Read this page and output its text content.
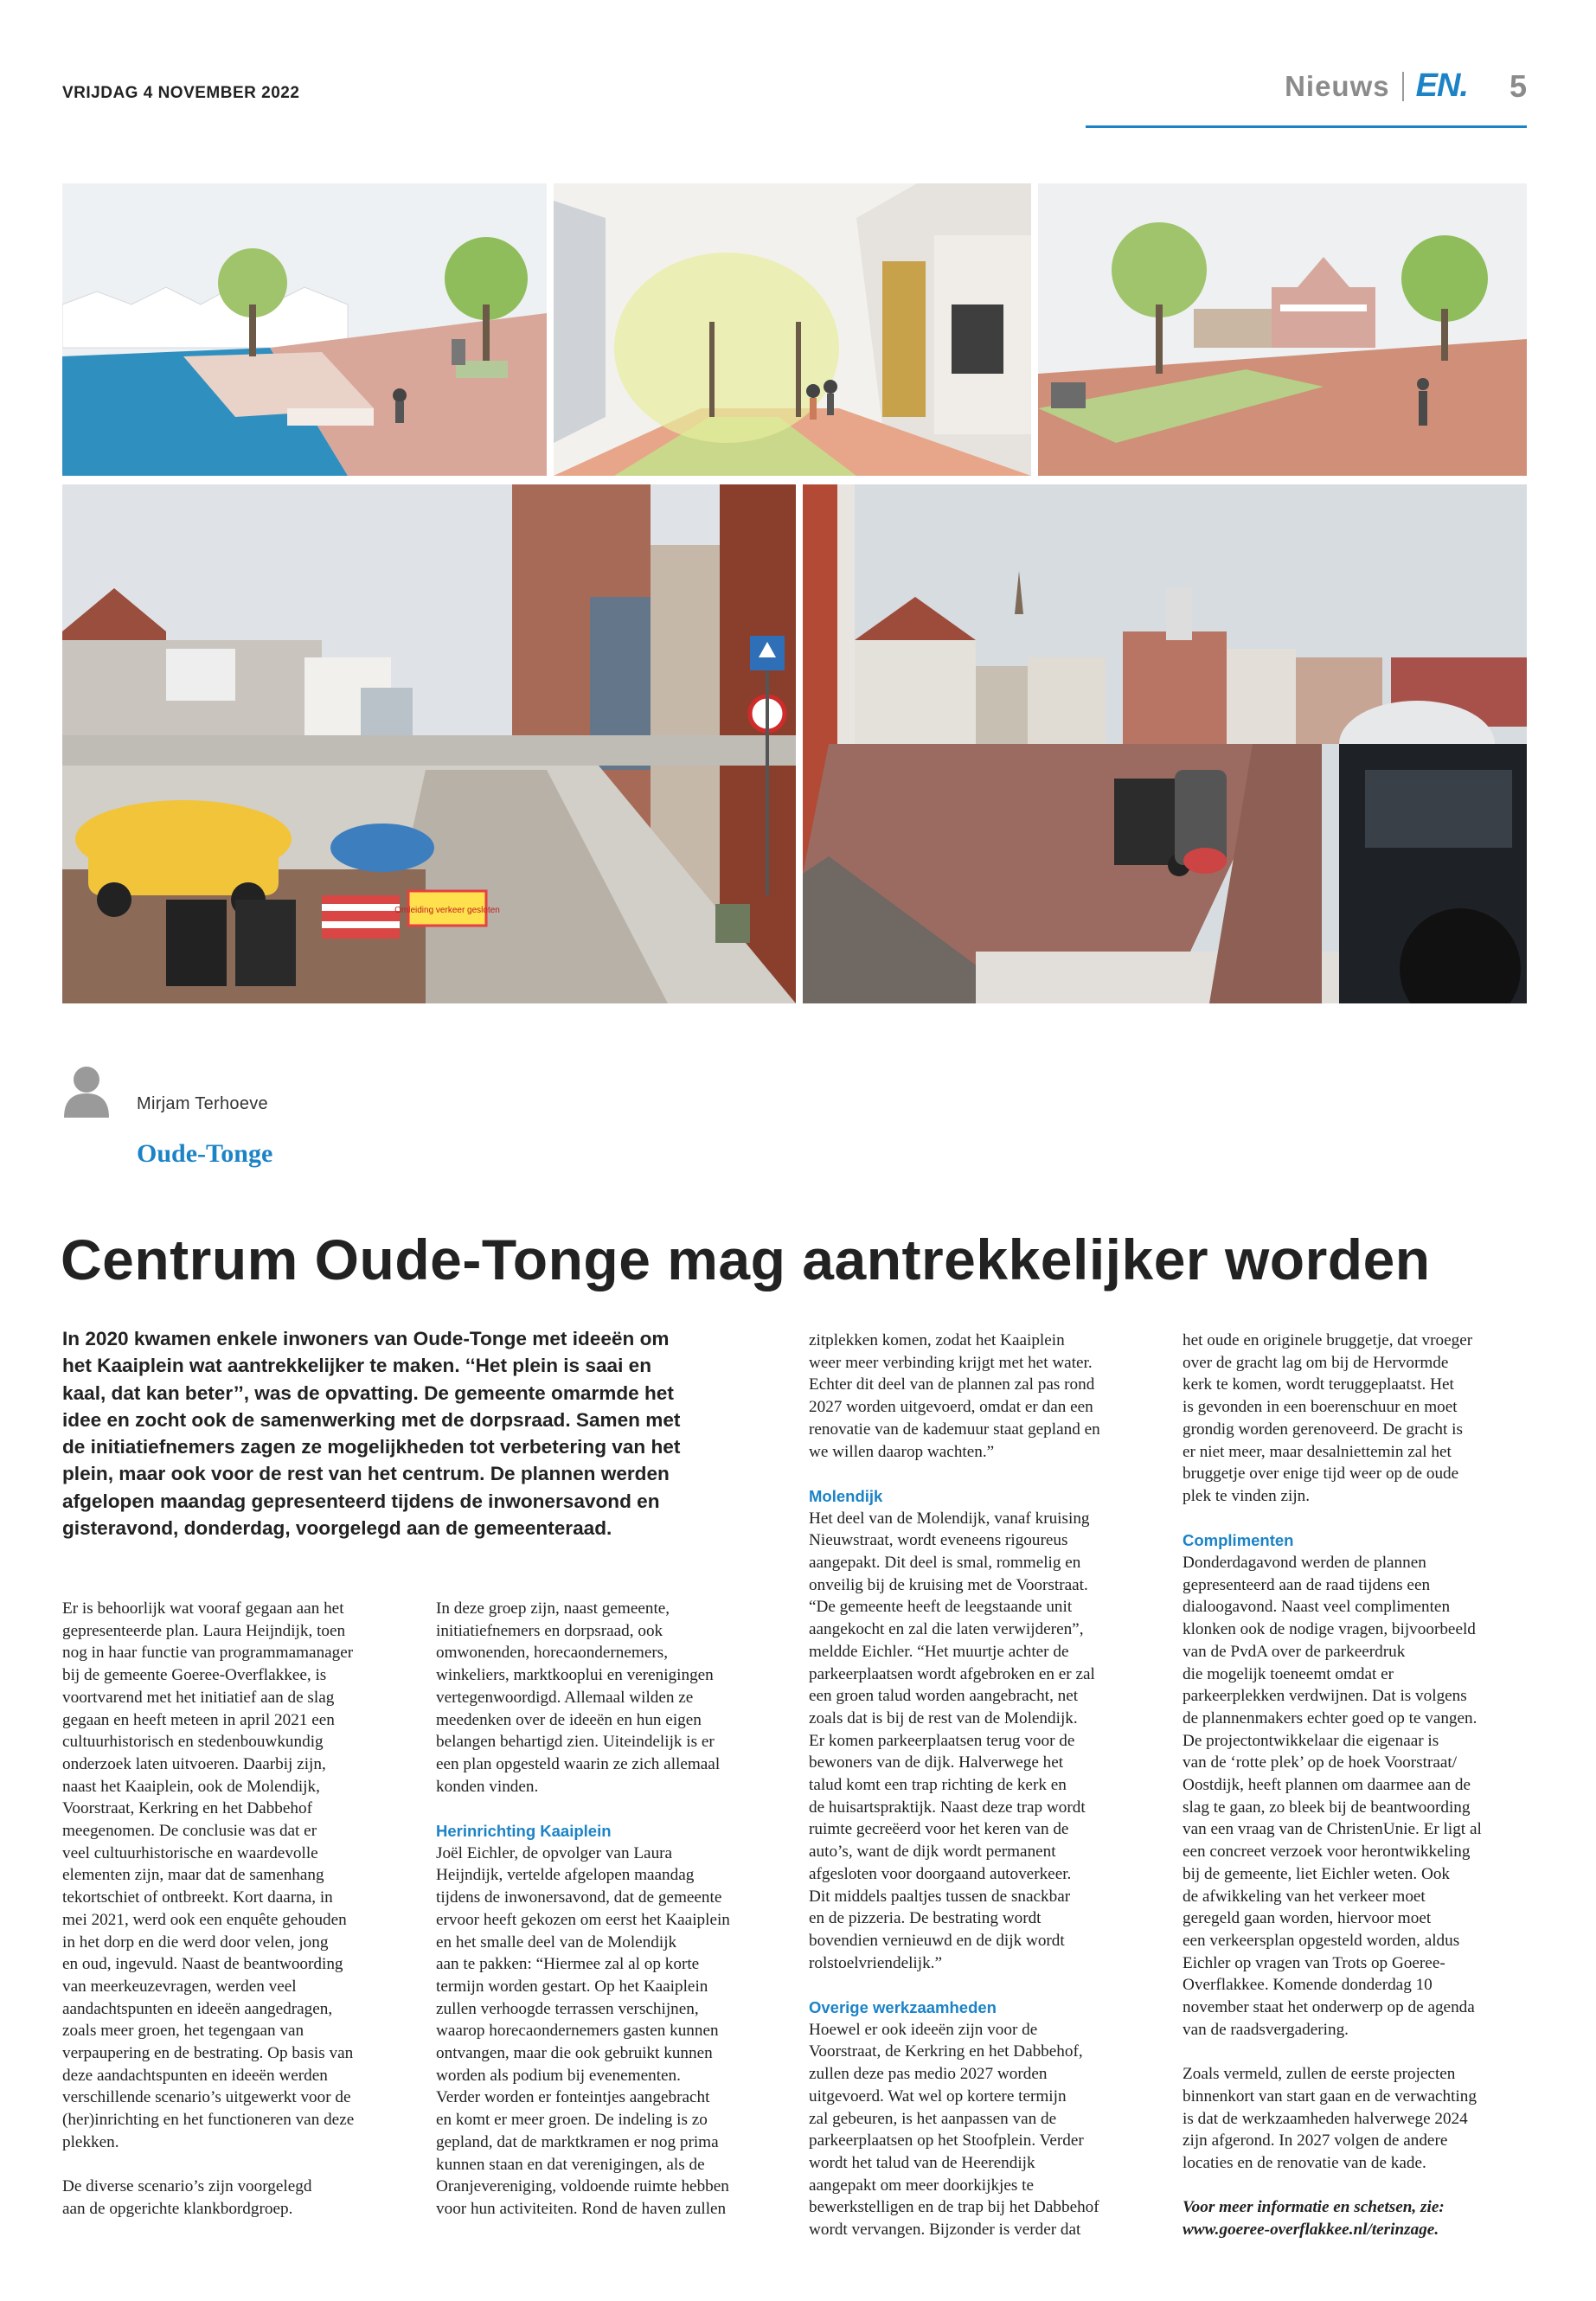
VRIJDAG 4 NOVEMBER 2022	Nieuws EN. 5
Omleiding verkeer gesloten
Mirjam Terhoeve
Oude-Tonge
Centrum Oude-Tonge mag aantrekkelijker worden
In 2020 kwamen enkele inwoners van Oude-Tonge met ideeën om
het Kaaiplein wat aantrekkelijker te maken. ‘‘Het plein is saai en
kaal, dat kan beter’’, was de opvatting. De gemeente omarmde het
idee en zocht ook de samenwerking met de dorpsraad. Samen met
de initiatiefnemers zagen ze mogelijkheden tot verbetering van het
plein, maar ook voor de rest van het centrum. De plannen werden
afgelopen maandag gepresenteerd tijdens de inwonersavond en
gisteravond, donderdag, voorgelegd aan de gemeenteraad.
Er is behoorlijk wat vooraf gegaan aan het
gepresenteerde plan. Laura Heijndijk, toen
nog in haar functie van programmamanager
bij de gemeente Goeree-Overflakkee, is
voortvarend met het initiatief aan de slag
gegaan en heeft meteen in april 2021 een
cultuurhistorisch en stedenbouwkundig
onderzoek laten uitvoeren. Daarbij zijn,
naast het Kaaiplein, ook de Molendijk,
Voorstraat, Kerkring en het Dabbehof
meegenomen. De conclusie was dat er
veel cultuurhistorische en waardevolle
elementen zijn, maar dat de samenhang
tekortschiet of ontbreekt. Kort daarna, in
mei 2021, werd ook een enquête gehouden
in het dorp en die werd door velen, jong
en oud, ingevuld. Naast de beantwoording
van meerkeuzevragen, werden veel
aandachtspunten en ideeën aangedragen,
zoals meer groen, het tegengaan van
verpaupering en de bestrating. Op basis van
deze aandachtspunten en ideeën werden
verschillende scenario’s uitgewerkt voor de
(her)inrichting en het functioneren van deze
plekken.
De diverse scenario’s zijn voorgelegd
aan de opgerichte klankbordgroep.
In deze groep zijn, naast gemeente,
initiatiefnemers en dorpsraad, ook
omwonenden, horecaondernemers,
winkeliers, marktkooplui en verenigingen
vertegenwoordigd. Allemaal wilden ze
meedenken over de ideeën en hun eigen
belangen behartigd zien. Uiteindelijk is er
een plan opgesteld waarin ze zich allemaal
konden vinden.
Herinrichting Kaaiplein
Joël Eichler, de opvolger van Laura
Heijndijk, vertelde afgelopen maandag
tijdens de inwonersavond, dat de gemeente
ervoor heeft gekozen om eerst het Kaaiplein
en het smalle deel van de Molendijk
aan te pakken: “Hiermee zal al op korte
termijn worden gestart. Op het Kaaiplein
zullen verhoogde terrassen verschijnen,
waarop horecaondernemers gasten kunnen
ontvangen, maar die ook gebruikt kunnen
worden als podium bij evenementen.
Verder worden er fonteintjes aangebracht
en komt er meer groen. De indeling is zo
gepland, dat de marktkramen er nog prima
kunnen staan en dat verenigingen, als de
Oranjevereniging, voldoende ruimte hebben
voor hun activiteiten. Rond de haven zullen
zitplekken komen, zodat het Kaaiplein
weer meer verbinding krijgt met het water.
Echter dit deel van de plannen zal pas rond
2027 worden uitgevoerd, omdat er dan een
renovatie van de kademuur staat gepland en
we willen daarop wachten.”
Molendijk
Het deel van de Molendijk, vanaf kruising
Nieuwstraat, wordt eveneens rigoureus
aangepakt. Dit deel is smal, rommelig en
onveilig bij de kruising met de Voorstraat.
“De gemeente heeft de leegstaande unit
aangekocht en zal die laten verwijderen”,
meldde Eichler. “Het muurtje achter de
parkeerplaatsen wordt afgebroken en er zal
een groen talud worden aangebracht, net
zoals dat is bij de rest van de Molendijk.
Er komen parkeerplaatsen terug voor de
bewoners van de dijk. Halverwege het
talud komt een trap richting de kerk en
de huisartspraktijk. Naast deze trap wordt
ruimte gecreëerd voor het keren van de
auto’s, want de dijk wordt permanent
afgesloten voor doorgaand autoverkeer.
Dit middels paaltjes tussen de snackbar
en de pizzeria. De bestrating wordt
bovendien vernieuwd en de dijk wordt
rolstoelvriendelijk.”
Overige werkzaamheden
Hoewel er ook ideeën zijn voor de
Voorstraat, de Kerkring en het Dabbehof,
zullen deze pas medio 2027 worden
uitgevoerd. Wat wel op kortere termijn
zal gebeuren, is het aanpassen van de
parkeerplaatsen op het Stoofplein. Verder
wordt het talud van de Heerendijk
aangepakt om meer doorkijkjes te
bewerkstelligen en de trap bij het Dabbehof
wordt vervangen. Bijzonder is verder dat
het oude en originele bruggetje, dat vroeger
over de gracht lag om bij de Hervormde
kerk te komen, wordt teruggeplaatst. Het
is gevonden in een boerenschuur en moet
grondig worden gerenoveerd. De gracht is
er niet meer, maar desalniettemin zal het
bruggetje over enige tijd weer op de oude
plek te vinden zijn.
Complimenten
Donderdagavond werden de plannen
gepresenteerd aan de raad tijdens een
dialoogavond. Naast veel complimenten
klonken ook de nodige vragen, bijvoorbeeld
van de PvdA over de parkeerdruk
die mogelijk toeneemt omdat er
parkeerplekken verdwijnen. Dat is volgens
de plannenmakers echter goed op te vangen.
De projectontwikkelaar die eigenaar is
van de ‘rotte plek’ op de hoek Voorstraat/
Oostdijk, heeft plannen om daarmee aan de
slag te gaan, zo bleek bij de beantwoording
van een vraag van de ChristenUnie. Er ligt al
een concreet verzoek voor herontwikkeling
bij de gemeente, liet Eichler weten. Ook
de afwikkeling van het verkeer moet
geregeld gaan worden, hiervoor moet
een verkeersplan opgesteld worden, aldus
Eichler op vragen van Trots op Goeree-
Overflakkee. Komende donderdag 10
november staat het onderwerp op de agenda
van de raadsvergadering.
Zoals vermeld, zullen de eerste projecten
binnenkort van start gaan en de verwachting
is dat de werkzaamheden halverwege 2024
zijn afgerond. In 2027 volgen de andere
locaties en de renovatie van de kade.
Voor meer informatie en schetsen, zie:
www.goeree-overflakkee.nl/terinzage.
